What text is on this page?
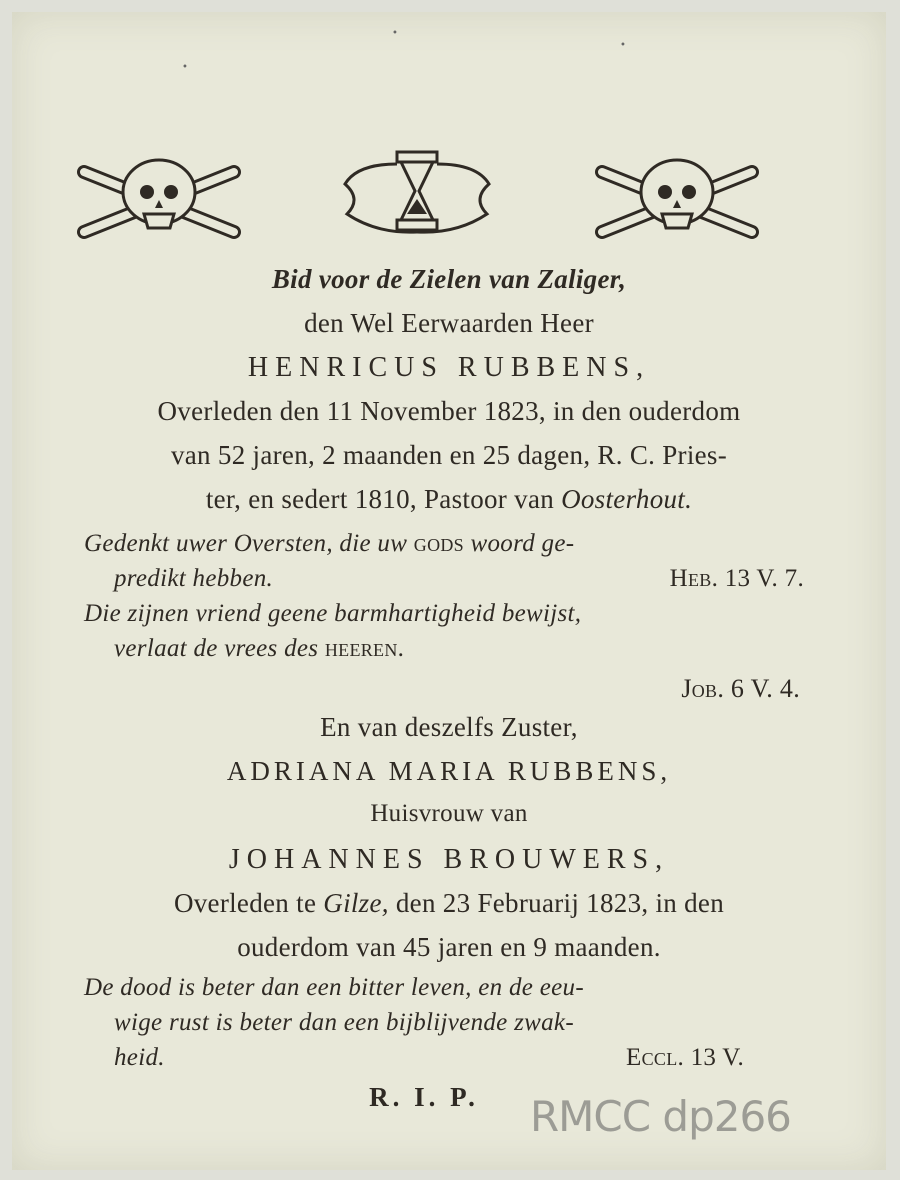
Bid voor de Zielen van Zaliger,
den Wel Eerwaarden Heer
HENRICUS RUBBENS,
Overleden den 11 November 1823, in den ouderdom
van 52 jaren, 2 maanden en 25 dagen, R. C. Pries-
ter, en sedert 1810, Pastoor van Oosterhout.
Gedenkt uwer Oversten, die uw gods woord ge-
predikt hebben.	Heb. 13 V. 7.
Die zijnen vriend geene barmhartigheid bewijst,
verlaat de vrees des heeren.
Job. 6 V. 4.
En van deszelfs Zuster,
ADRIANA MARIA RUBBENS,
Huisvrouw van
JOHANNES BROUWERS,
Overleden te Gilze, den 23 Februarij 1823, in den
ouderdom van 45 jaren en 9 maanden.
De dood is beter dan een bitter leven, en de eeu-
wige rust is beter dan een bijblijvende zwak-
heid.	Eccl. 13 V.
R. I. P.	RMCC dp266
•
•
•
